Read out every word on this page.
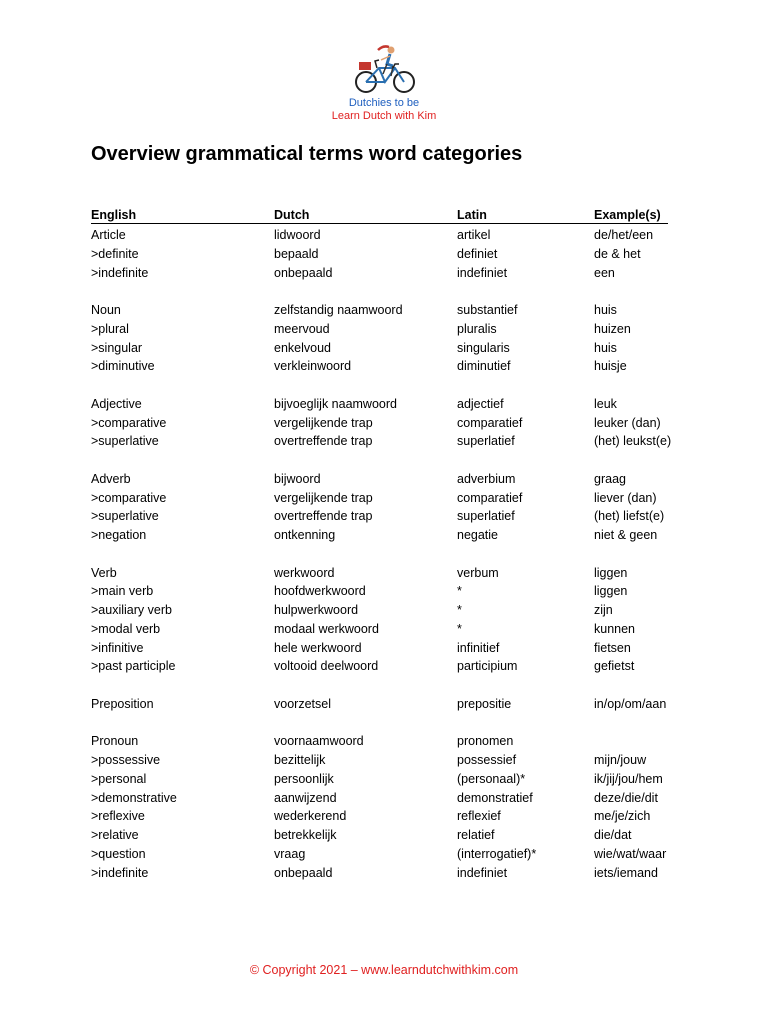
Dutchies to be
Learn Dutch with Kim
Overview grammatical terms word categories
English	Dutch	Latin	Example(s)
Article	lidwoord	artikel	de/het/een
>definite	bepaald	definiet	de & het
>indefinite	onbepaald	indefiniet	een
Noun	zelfstandig naamwoord	substantief	huis
>plural	meervoud	pluralis	huizen
>singular	enkelvoud	singularis	huis
>diminutive	verkleinwoord	diminutief	huisje
Adjective	bijvoeglijk naamwoord	adjectief	leuk
>comparative	vergelijkende trap	comparatief	leuker (dan)
>superlative	overtreffende trap	superlatief	(het) leukst(e)
Adverb	bijwoord	adverbium	graag
>comparative	vergelijkende trap	comparatief	liever (dan)
>superlative	overtreffende trap	superlatief	(het) liefst(e)
>negation	ontkenning	negatie	niet & geen
Verb	werkwoord	verbum	liggen
>main verb	hoofdwerkwoord	*	liggen
>auxiliary verb	hulpwerkwoord	*	zijn
>modal verb	modaal werkwoord	*	kunnen
>infinitive	hele werkwoord	infinitief	fietsen
>past participle	voltooid deelwoord	participium	gefietst
Preposition	voorzetsel	prepositie	in/op/om/aan
Pronoun	voornaamwoord	pronomen
>possessive	bezittelijk	possessief	mijn/jouw
>personal	persoonlijk	(personaal)*	ik/jij/jou/hem
>demonstrative	aanwijzend	demonstratief	deze/die/dit
>reflexive	wederkerend	reflexief	me/je/zich
>relative	betrekkelijk	relatief	die/dat
>question	vraag	(interrogatief)*	wie/wat/waar
>indefinite	onbepaald	indefiniet	iets/iemand
© Copyright 2021 – www.learndutchwithkim.com
